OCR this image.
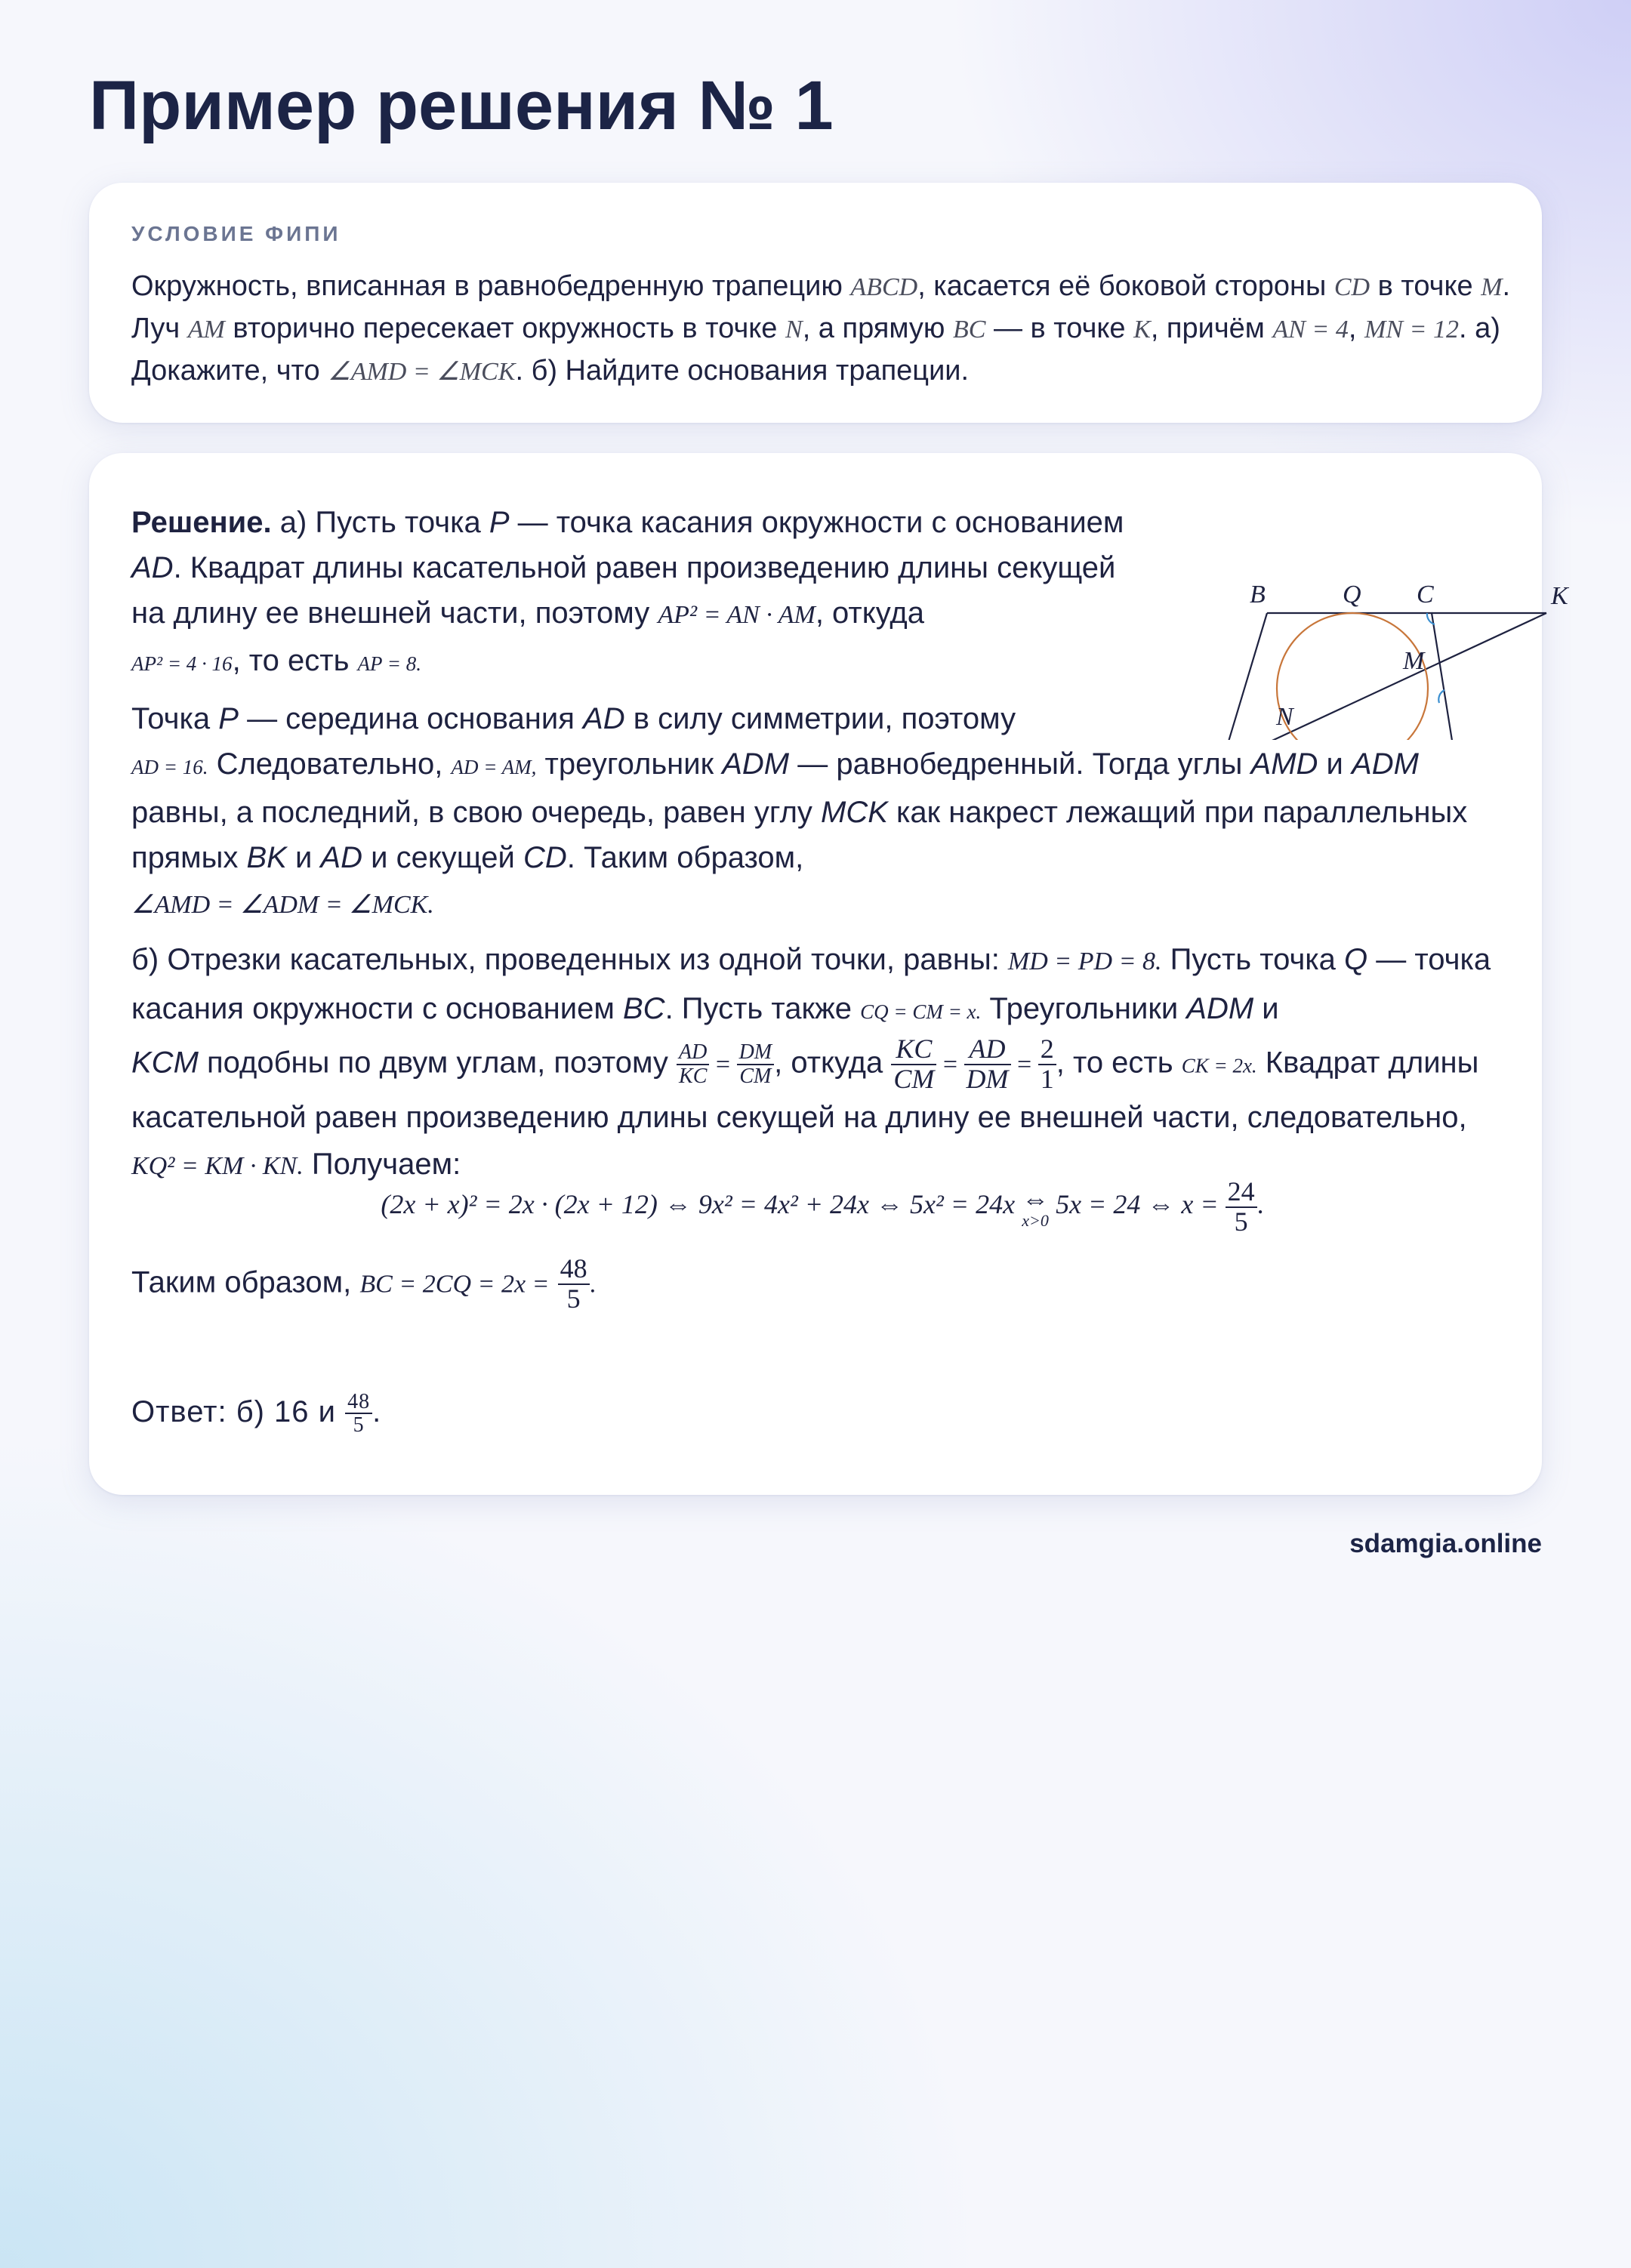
Пример решения № 1
УСЛОВИЕ ФИПИ
Окружность, вписанная в равнобедренную трапецию ABCD, касается её боковой стороны CD в точке M. Луч AM вторично пересекает окружность в точке N, а прямую BC — в точке K, причём AN = 4, MN = 12. а) Докажите, что ∠AMD = ∠MCK. б) Найдите основания трапеции.
B	Q C	K
M
N
Решение. а) Пусть точка P — точка касания окружности с основанием AD. Квадрат длины касательной равен произведению длины секущей на длину ее внешней части, поэтому AP² = AN · AM, откуда
AP² = 4 · 16, то есть AP = 8.
Точка P — середина основания AD в силу симметрии, поэтому
AD = 16. Следовательно, AD = AM, треугольник ADM — равнобедренный. Тогда углы AMD и ADM равны, а последний, в свою очередь, равен углу MCK как накрест лежащий при параллельных прямых BK и AD и секущей CD. Таким образом,
∠AMD = ∠ADM = ∠MCK.
б) Отрезки касательных, проведенных из одной точки, равны: MD = PD = 8. Пусть точка Q — точка касания окружности с основанием BC. Пусть также CQ = CM = x. Треугольники ADM и
KCM подобны по двум углам, поэтому $\frac{AD}{KC} = \frac{DM}{CM}$ , откуда $\frac{KC}{CM} = \frac{AD}{DM} = \frac{2}{1}$ , то есть CK = 2x. Квадрат длины касательной равен произведению длины секущей на длину ее внешней части, следовательно, KQ² = KM · KN. Получаем:
(2x + x)² = 2x · (2x + 12) ⇔ 9x² = 4x² + 24x ⇔ 5x² = 24x ⇔
x>0
5x = 24 ⇔ $x = \frac{24}{5}$ .
Таким образом, BC = $2CQ = 2x = \frac{48}{5}$ .
Ответ: б) 16 и $\frac{48}{5}$ .
sdamgia.online
